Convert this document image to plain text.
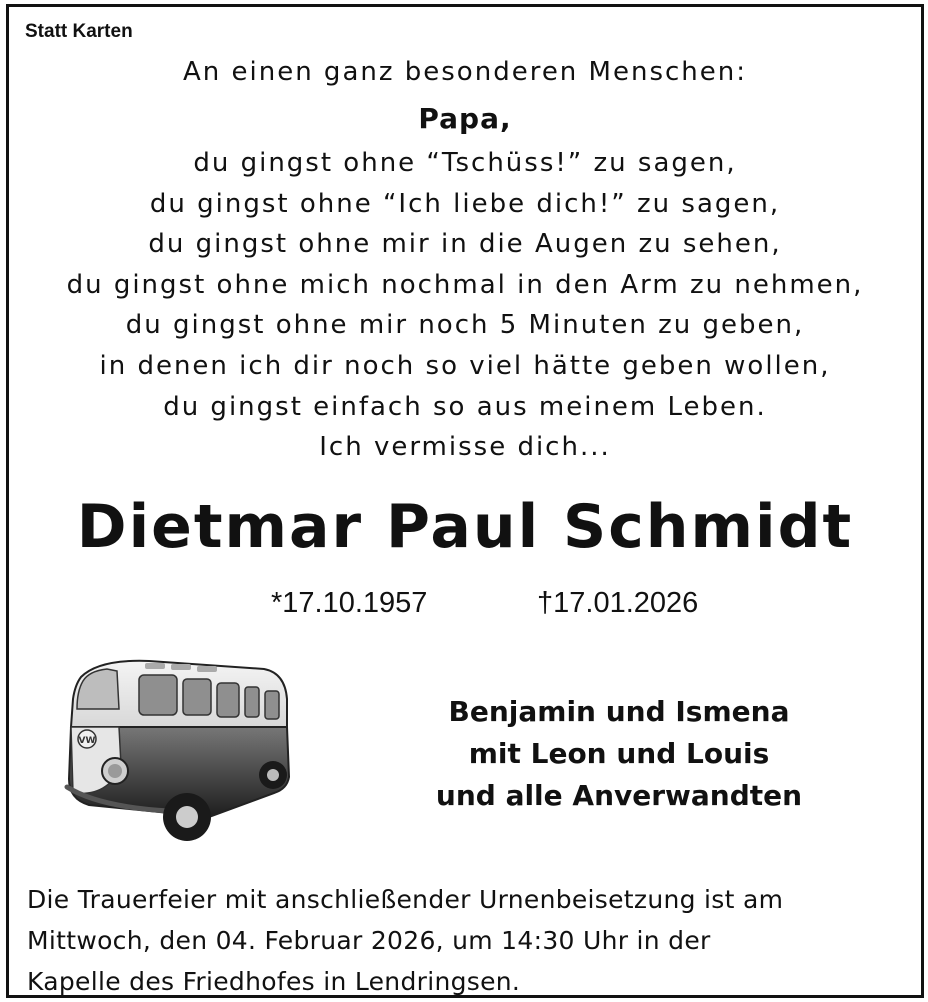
Statt Karten
An einen ganz besonderen Menschen:
Papa,
du gingst ohne “Tschüss!” zu sagen,
du gingst ohne “Ich liebe dich!” zu sagen,
du gingst ohne mir in die Augen zu sehen,
du gingst ohne mich nochmal in den Arm zu nehmen,
du gingst ohne mir noch 5 Minuten zu geben,
in denen ich dir noch so viel hätte geben wollen,
du gingst einfach so aus meinem Leben.
Ich vermisse dich...
Dietmar Paul Schmidt
*17.10.1957	†17.01.2026
VW
Benjamin und Ismena
mit Leon und Louis
und alle Anverwandten
Die Trauerfeier mit anschließender Urnenbeisetzung ist am
Mittwoch, den 04. Februar 2026, um 14:30 Uhr in der
Kapelle des Friedhofes in Lendringsen.
